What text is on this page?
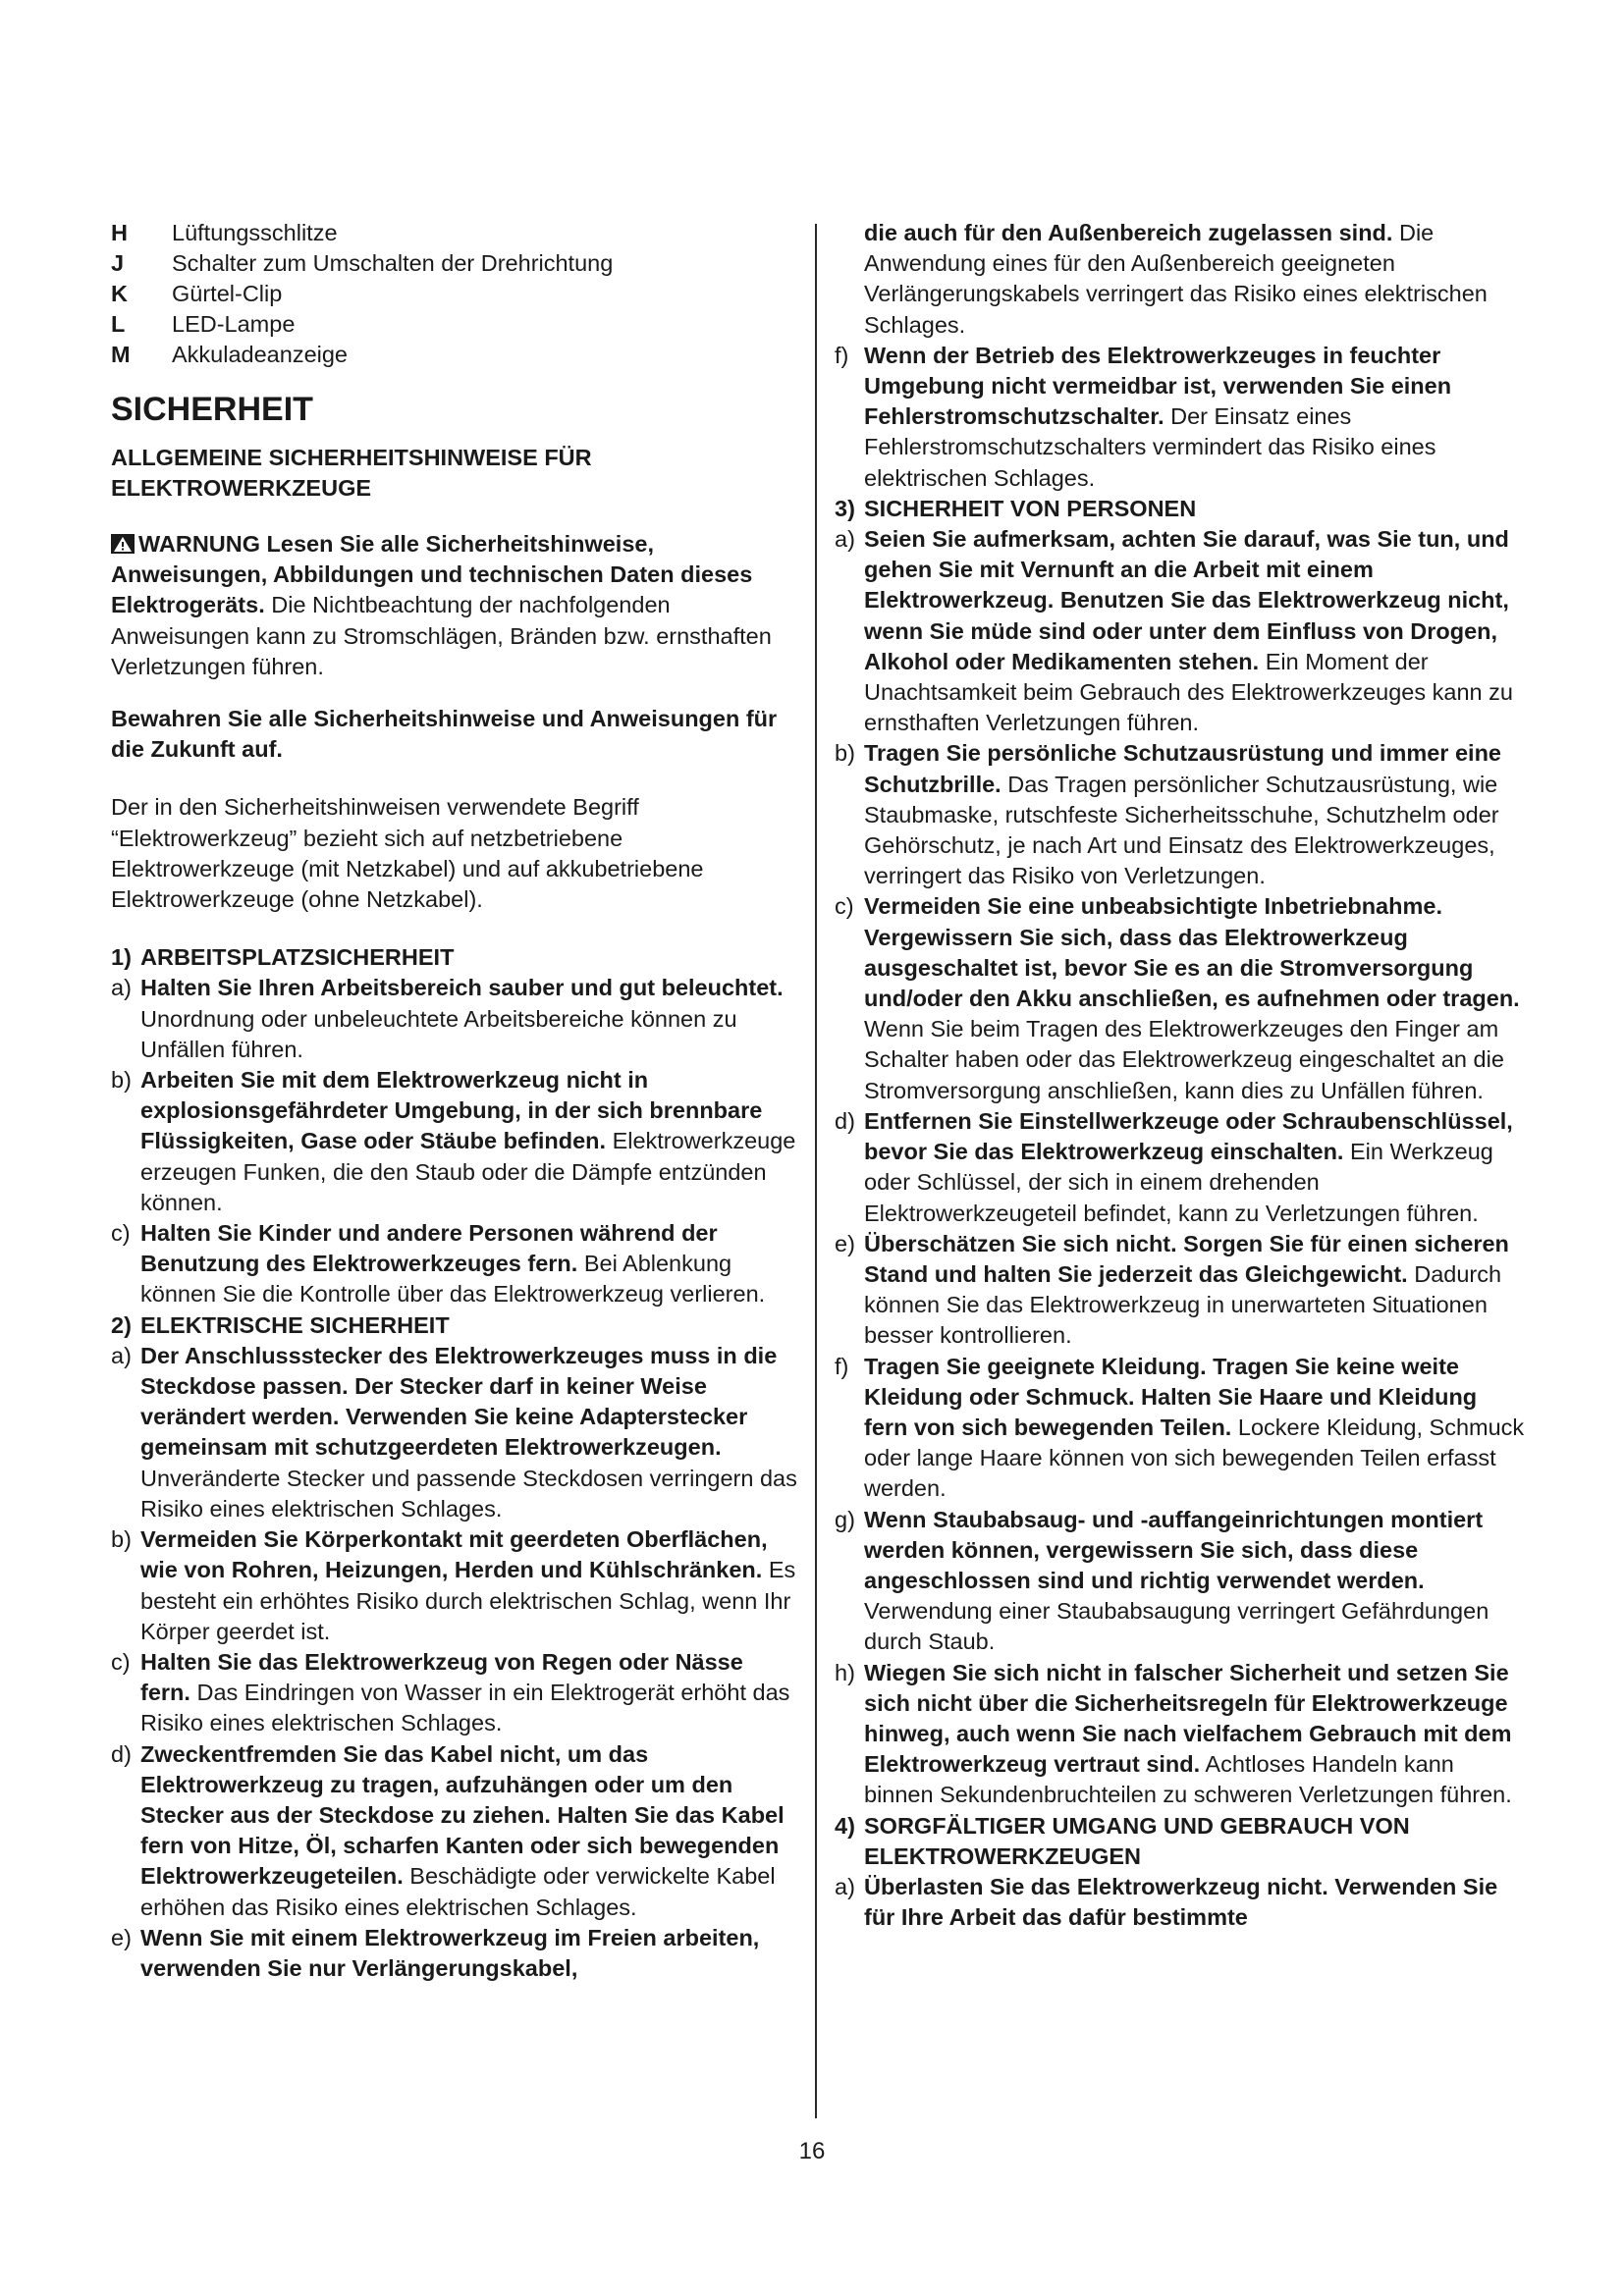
H	Lüftungsschlitze
J	Schalter zum Umschalten der Drehrichtung
K	Gürtel-Clip
L	LED-Lampe
M	Akkuladeanzeige
SICHERHEIT
ALLGEMEINE SICHERHEITSHINWEISE FÜR ELEKTROWERKZEUGE
WARNUNG Lesen Sie alle Sicherheitshinweise, Anweisungen, Abbildungen und technischen Daten dieses Elektrogeräts. Die Nichtbeachtung der nachfolgenden Anweisungen kann zu Stromschlägen, Bränden bzw. ernsthaften Verletzungen führen.
Bewahren Sie alle Sicherheitshinweise und Anweisungen für die Zukunft auf.
Der in den Sicherheitshinweisen verwendete Begriff “Elektrowerkzeug” bezieht sich auf netzbetriebene Elektrowerkzeuge (mit Netzkabel) und auf akkubetriebene Elektrowerkzeuge (ohne Netzkabel).
1) ARBEITSPLATZSICHERHEIT
a) Halten Sie Ihren Arbeitsbereich sauber und gut beleuchtet. Unordnung oder unbeleuchtete Arbeitsbereiche können zu Unfällen führen.
b) Arbeiten Sie mit dem Elektrowerkzeug nicht in explosionsgefährdeter Umgebung, in der sich brennbare Flüssigkeiten, Gase oder Stäube befinden. Elektrowerkzeuge erzeugen Funken, die den Staub oder die Dämpfe entzünden können.
c) Halten Sie Kinder und andere Personen während der Benutzung des Elektrowerkzeuges fern. Bei Ablenkung können Sie die Kontrolle über das Elektrowerkzeug verlieren.
2) ELEKTRISCHE SICHERHEIT
a) Der Anschlussstecker des Elektrowerkzeuges muss in die Steckdose passen. Der Stecker darf in keiner Weise verändert werden. Verwenden Sie keine Adapterstecker gemeinsam mit schutzgeerdeten Elektrowerkzeugen. Unveränderte Stecker und passende Steckdosen verringern das Risiko eines elektrischen Schlages.
b) Vermeiden Sie Körperkontakt mit geerdeten Oberflächen, wie von Rohren, Heizungen, Herden und Kühlschränken. Es besteht ein erhöhtes Risiko durch elektrischen Schlag, wenn Ihr Körper geerdet ist.
c) Halten Sie das Elektrowerkzeug von Regen oder Nässe fern. Das Eindringen von Wasser in ein Elektrogerät erhöht das Risiko eines elektrischen Schlages.
d) Zweckentfremden Sie das Kabel nicht, um das Elektrowerkzeug zu tragen, aufzuhängen oder um den Stecker aus der Steckdose zu ziehen. Halten Sie das Kabel fern von Hitze, Öl, scharfen Kanten oder sich bewegenden Elektrowerkzeugeteilen. Beschädigte oder verwickelte Kabel erhöhen das Risiko eines elektrischen Schlages.
e) Wenn Sie mit einem Elektrowerkzeug im Freien arbeiten, verwenden Sie nur Verlängerungskabel,
die auch für den Außenbereich zugelassen sind. Die Anwendung eines für den Außenbereich geeigneten Verlängerungskabels verringert das Risiko eines elektrischen Schlages.
f) Wenn der Betrieb des Elektrowerkzeuges in feuchter Umgebung nicht vermeidbar ist, verwenden Sie einen Fehlerstromschutzschalter. Der Einsatz eines Fehlerstromschutzschalters vermindert das Risiko eines elektrischen Schlages.
3) SICHERHEIT VON PERSONEN
a) Seien Sie aufmerksam, achten Sie darauf, was Sie tun, und gehen Sie mit Vernunft an die Arbeit mit einem Elektrowerkzeug. Benutzen Sie das Elektrowerkzeug nicht, wenn Sie müde sind oder unter dem Einfluss von Drogen, Alkohol oder Medikamenten stehen. Ein Moment der Unachtsamkeit beim Gebrauch des Elektrowerkzeuges kann zu ernsthaften Verletzungen führen.
b) Tragen Sie persönliche Schutzausrüstung und immer eine Schutzbrille. Das Tragen persönlicher Schutzausrüstung, wie Staubmaske, rutschfeste Sicherheitsschuhe, Schutzhelm oder Gehörschutz, je nach Art und Einsatz des Elektrowerkzeuges, verringert das Risiko von Verletzungen.
c) Vermeiden Sie eine unbeabsichtigte Inbetriebnahme. Vergewissern Sie sich, dass das Elektrowerkzeug ausgeschaltet ist, bevor Sie es an die Stromversorgung und/oder den Akku anschließen, es aufnehmen oder tragen. Wenn Sie beim Tragen des Elektrowerkzeuges den Finger am Schalter haben oder das Elektrowerkzeug eingeschaltet an die Stromversorgung anschließen, kann dies zu Unfällen führen.
d) Entfernen Sie Einstellwerkzeuge oder Schraubenschlüssel, bevor Sie das Elektrowerkzeug einschalten. Ein Werkzeug oder Schlüssel, der sich in einem drehenden Elektrowerkzeugeteil befindet, kann zu Verletzungen führen.
e) Überschätzen Sie sich nicht. Sorgen Sie für einen sicheren Stand und halten Sie jederzeit das Gleichgewicht. Dadurch können Sie das Elektrowerkzeug in unerwarteten Situationen besser kontrollieren.
f) Tragen Sie geeignete Kleidung. Tragen Sie keine weite Kleidung oder Schmuck. Halten Sie Haare und Kleidung fern von sich bewegenden Teilen. Lockere Kleidung, Schmuck oder lange Haare können von sich bewegenden Teilen erfasst werden.
g) Wenn Staubabsaug- und -auffangeinrichtungen montiert werden können, vergewissern Sie sich, dass diese angeschlossen sind und richtig verwendet werden. Verwendung einer Staubabsaugung verringert Gefährdungen durch Staub.
h) Wiegen Sie sich nicht in falscher Sicherheit und setzen Sie sich nicht über die Sicherheitsregeln für Elektrowerkzeuge hinweg, auch wenn Sie nach vielfachem Gebrauch mit dem Elektrowerkzeug vertraut sind. Achtloses Handeln kann binnen Sekundenbruchteilen zu schweren Verletzungen führen.
4) SORGFÄLTIGER UMGANG UND GEBRAUCH VON ELEKTROWERKZEUGEN
a) Überlasten Sie das Elektrowerkzeug nicht. Verwenden Sie für Ihre Arbeit das dafür bestimmte
16
